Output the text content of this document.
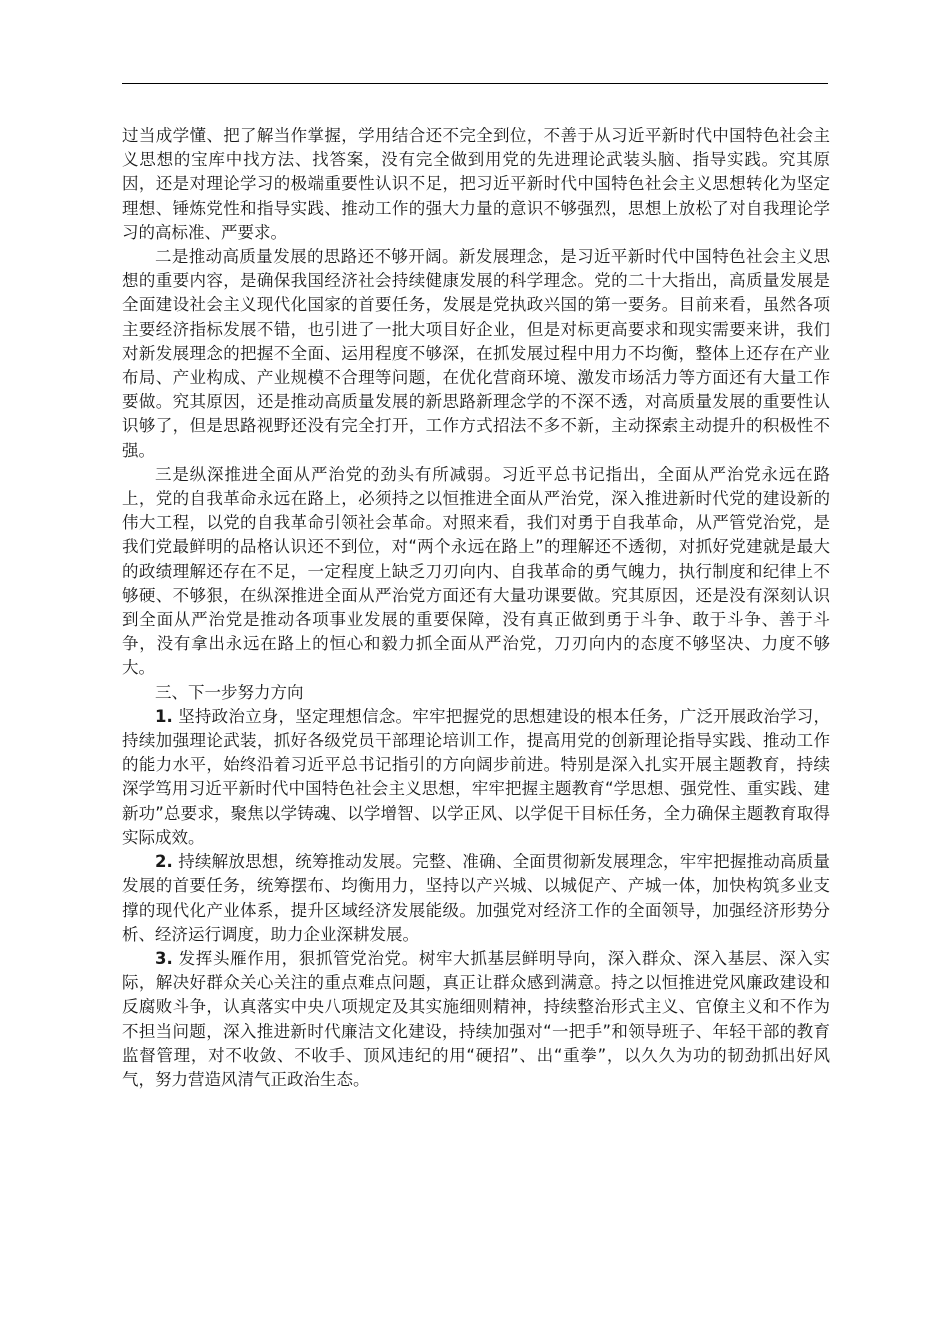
过当成学懂、把了解当作掌握，学用结合还不完全到位，不善于从习近平新时代中国特色社会主义思想的宝库中找方法、找答案，没有完全做到用党的先进理论武装头脑、指导实践。究其原因，还是对理论学习的极端重要性认识不足，把习近平新时代中国特色社会主义思想转化为坚定理想、锤炼党性和指导实践、推动工作的强大力量的意识不够强烈，思想上放松了对自我理论学习的高标准、严要求。

二是推动高质量发展的思路还不够开阔。新发展理念，是习近平新时代中国特色社会主义思想的重要内容，是确保我国经济社会持续健康发展的科学理念。党的二十大指出，高质量发展是全面建设社会主义现代化国家的首要任务，发展是党执政兴国的第一要务。目前来看，虽然各项主要经济指标发展不错，也引进了一批大项目好企业，但是对标更高要求和现实需要来讲，我们对新发展理念的把握不全面、运用程度不够深，在抓发展过程中用力不均衡，整体上还存在产业布局、产业构成、产业规模不合理等问题，在优化营商环境、激发市场活力等方面还有大量工作要做。究其原因，还是推动高质量发展的新思路新理念学的不深不透，对高质量发展的重要性认识够了，但是思路视野还没有完全打开，工作方式招法不多不新，主动探索主动提升的积极性不强。

三是纵深推进全面从严治党的劲头有所减弱。习近平总书记指出，全面从严治党永远在路上，党的自我革命永远在路上，必须持之以恒推进全面从严治党，深入推进新时代党的建设新的伟大工程，以党的自我革命引领社会革命。对照来看，我们对勇于自我革命，从严管党治党，是我们党最鲜明的品格认识还不到位，对“两个永远在路上”的理解还不透彻，对抓好党建就是最大的政绩理解还存在不足，一定程度上缺乏刀刃向内、自我革命的勇气魄力，执行制度和纪律上不够硬、不够狠，在纵深推进全面从严治党方面还有大量功课要做。究其原因，还是没有深刻认识到全面从严治党是推动各项事业发展的重要保障，没有真正做到勇于斗争、敢于斗争、善于斗争，没有拿出永远在路上的恒心和毅力抓全面从严治党，刀刃向内的态度不够坚决、力度不够大。

三、下一步努力方向

1. 坚持政治立身，坚定理想信念。牢牢把握党的思想建设的根本任务，广泛开展政治学习，持续加强理论武装，抓好各级党员干部理论培训工作，提高用党的创新理论指导实践、推动工作的能力水平，始终沿着习近平总书记指引的方向阔步前进。特别是深入扎实开展主题教育，持续深学笃用习近平新时代中国特色社会主义思想，牢牢把握主题教育“学思想、强党性、重实践、建新功”总要求，聚焦以学铸魂、以学增智、以学正风、以学促干目标任务，全力确保主题教育取得实际成效。

2. 持续解放思想，统筹推动发展。完整、准确、全面贯彻新发展理念，牢牢把握推动高质量发展的首要任务，统筹摆布、均衡用力，坚持以产兴城、以城促产、产城一体，加快构筑多业支撑的现代化产业体系，提升区域经济发展能级。加强党对经济工作的全面领导，加强经济形势分析、经济运行调度，助力企业深耕发展。

3. 发挥头雁作用，狠抓管党治党。树牢大抓基层鲜明导向，深入群众、深入基层、深入实际，解决好群众关心关注的重点难点问题，真正让群众感到满意。持之以恒推进党风廉政建设和反腐败斗争，认真落实中央八项规定及其实施细则精神，持续整治形式主义、官僚主义和不作为不担当问题，深入推进新时代廉洁文化建设，持续加强对“一把手”和领导班子、年轻干部的教育监督管理，对不收敛、不收手、顶风违纪的用“硬招”、出“重拳”，以久久为功的韧劲抓出好风气，努力营造风清气正政治生态。
